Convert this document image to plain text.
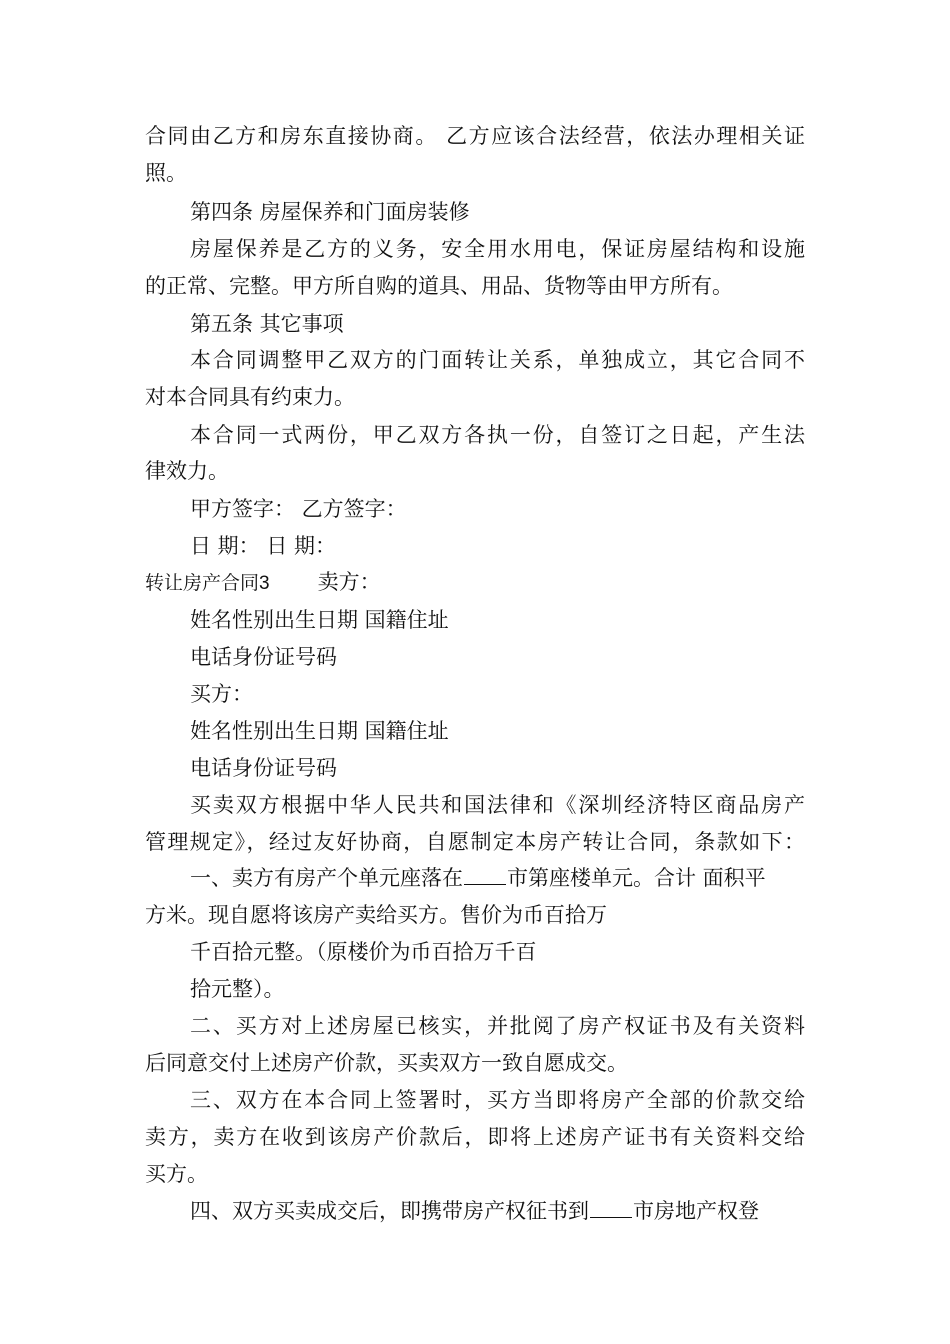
合同由乙方和房东直接协商。 乙方应该合法经营，依法办理相关证
照。
第四条 房屋保养和门面房装修
房屋保养是乙方的义务，安全用水用电，保证房屋结构和设施
的正常、完整。甲方所自购的道具、用品、货物等由甲方所有。
第五条 其它事项
本合同调整甲乙双方的门面转让关系，单独成立，其它合同不
对本合同具有约束力。
本合同一式两份，甲乙双方各执一份，自签订之日起，产生法
律效力。
甲方签字： 乙方签字：
日 期： 日 期：
转让房产合同3 卖方：
姓名性别出生日期 国籍住址
电话身份证号码
买方：
姓名性别出生日期 国籍住址
电话身份证号码
买卖双方根据中华人民共和国法律和《深圳经济特区商品房产
管理规定》，经过友好协商，自愿制定本房产转让合同，条款如下：
一、卖方有房产个单元座落在 市第座楼单元。合计 面积平
方米。现自愿将该房产卖给买方。售价为币百拾万
千百拾元整。（原楼价为币百拾万千百
拾元整）。
二、买方对上述房屋已核实，并批阅了房产权证书及有关资料
后同意交付上述房产价款，买卖双方一致自愿成交。
三、双方在本合同上签署时，买方当即将房产全部的价款交给
卖方，卖方在收到该房产价款后，即将上述房产证书有关资料交给
买方。
四、双方买卖成交后，即携带房产权征书到 市房地产权登
